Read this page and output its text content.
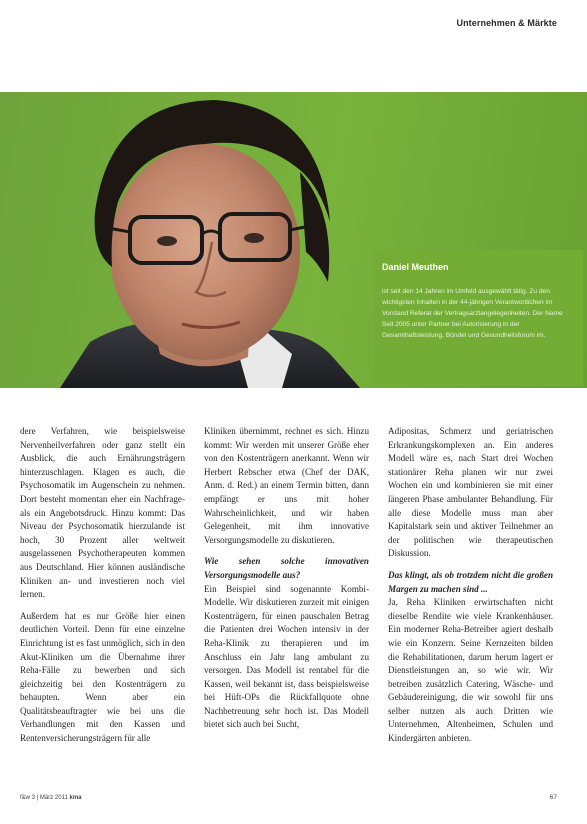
Unternehmen & Märkte
Daniel Meuthen
ist seit den 14 Jahren im Umfeld ausgewählt tätig. Zu den wichtigsten Inhalten in der 44-jährigen Verantwortlichen im Vorstand Referat der Vertragsarztangelegenheiten. Der Name Seit 2005 unter Partner bei Autorisierung in der Gesamthaftsleistung, Bündel und Gesundheitsforum im.

dere Verfahren, wie beispielsweise Nervenheilverfahren oder ganz stellt ein Ausblick, die auch Ernährungsträgern hinterzuschlagen. Klagen es auch, die Psychosomatik im Augenschein zu nehmen. Dort besteht momentan eher ein Nachfrage- als ein Angebotsdruck. Hinzu kommt: Das Niveau der Psychosomatik hierzulande ist hoch, 30 Prozent aller weltweit ausgelassenen Psychotherapeuten kommen aus Deutschland. Hier können ausländische Kliniken an- und investieren noch viel lernen.

Außerdem hat es nur Größe hier einen deutlichen Vorteil. Denn für eine einzelne Einrichtung ist es fast unmöglich, sich in den Akut-Kliniken um die Übernahme ihrer Reha-Fälle zu bewerben und sich gleichzeitig bei den Kostenträgern zu behaupten. Wenn aber ein Qualitätsbeauftragter wie bei uns die Verhandlungen mit den Kassen und Rentenversicherungsträgern für alle

Kliniken übernimmt, rechnet es sich. Hinzu kommt: Wir werden mit unserer Größe eher von den Kostenträgern anerkannt. Wenn wir Herbert Rebscher etwa (Chef der DAK, Anm. d. Red.) an einem Termin bitten, dann empfängt er uns mit hoher Wahrscheinlichkeit, und wir haben Gelegenheit, mit ihm innovative Versorgungsmodelle zu diskutieren.

Wie sehen solche innovativen Versorgungsmodelle aus?

Ein Beispiel sind sogenannte Kombi-Modelle. Wir diskutieren zurzeit mit einigen Kostenträgern, für einen pauschalen Betrag die Patienten drei Wochen intensiv in der Reha-Klinik zu therapieren und im Anschluss ein Jahr lang ambulant zu versorgen. Das Modell ist rentabel für die Kassen, weil bekannt ist, dass beispielsweise bei Hüft-OPs die Rückfallquote ohne Nachbetreuung sehr hoch ist. Das Modell bietet sich auch bei Sucht,

Adipositas, Schmerz und geriatrischen Erkrankungskomplexen an. Ein anderes Modell wäre es, nach Start drei Wochen stationärer Reha planen wir nur zwei Wochen ein und kombinieren sie mit einer längeren Phase ambulanter Behandlung. Für alle diese Modelle muss man aber Kapitalstark sein und aktiver Teilnehmer an der politischen wie therapeutischen Diskussion.

Das klingt, als ob trotzdem nicht die großen Margen zu machen sind ...

Ja, Reha Kliniken erwirtschaften nicht dieselbe Rendite wie viele Krankenhäuser. Ein moderner Reha-Betreiber agiert deshalb wie ein Konzern. Seine Kernzeiten bilden die Rehabilitationen, darum herum lagert er Dienstleistungen an, so wie wir. Wir betreiben zusätzlich Catering, Wäsche- und Gebäudereinigung, die wir sowohl für uns selber nutzen als auch Dritten wie Unternehmen, Altenheimen, Schulen und Kindergärten anbieten.

f&w 3 | März 2011 kma	67
